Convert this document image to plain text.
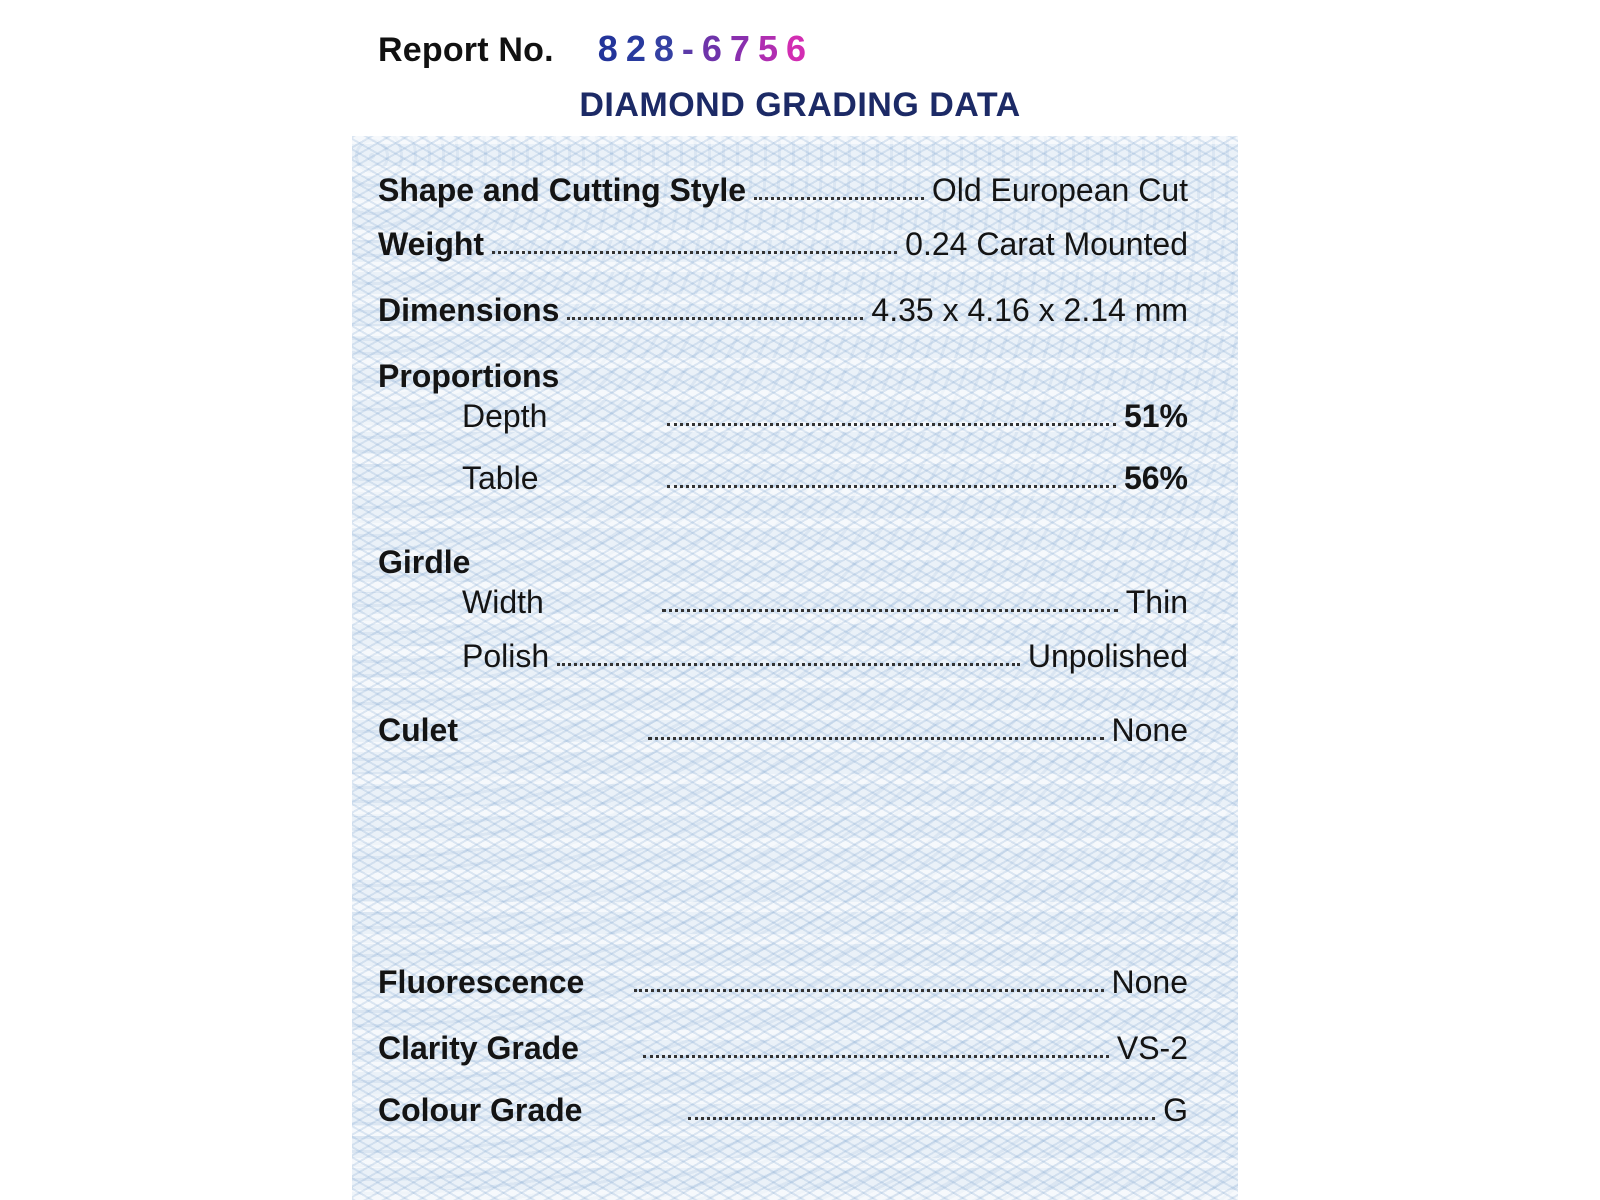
Report No. 828-6756
DIAMOND GRADING DATA
Shape and Cutting Style	Old European Cut
Weight	0.24 Carat Mounted
Dimensions	4.35 x 4.16 x 2.14 mm
Proportions
Depth	51%
Table	56%
Girdle
Width	Thin
Polish	Unpolished
Culet	None
Fluorescence	None
Clarity Grade	VS-2
Colour Grade	G
